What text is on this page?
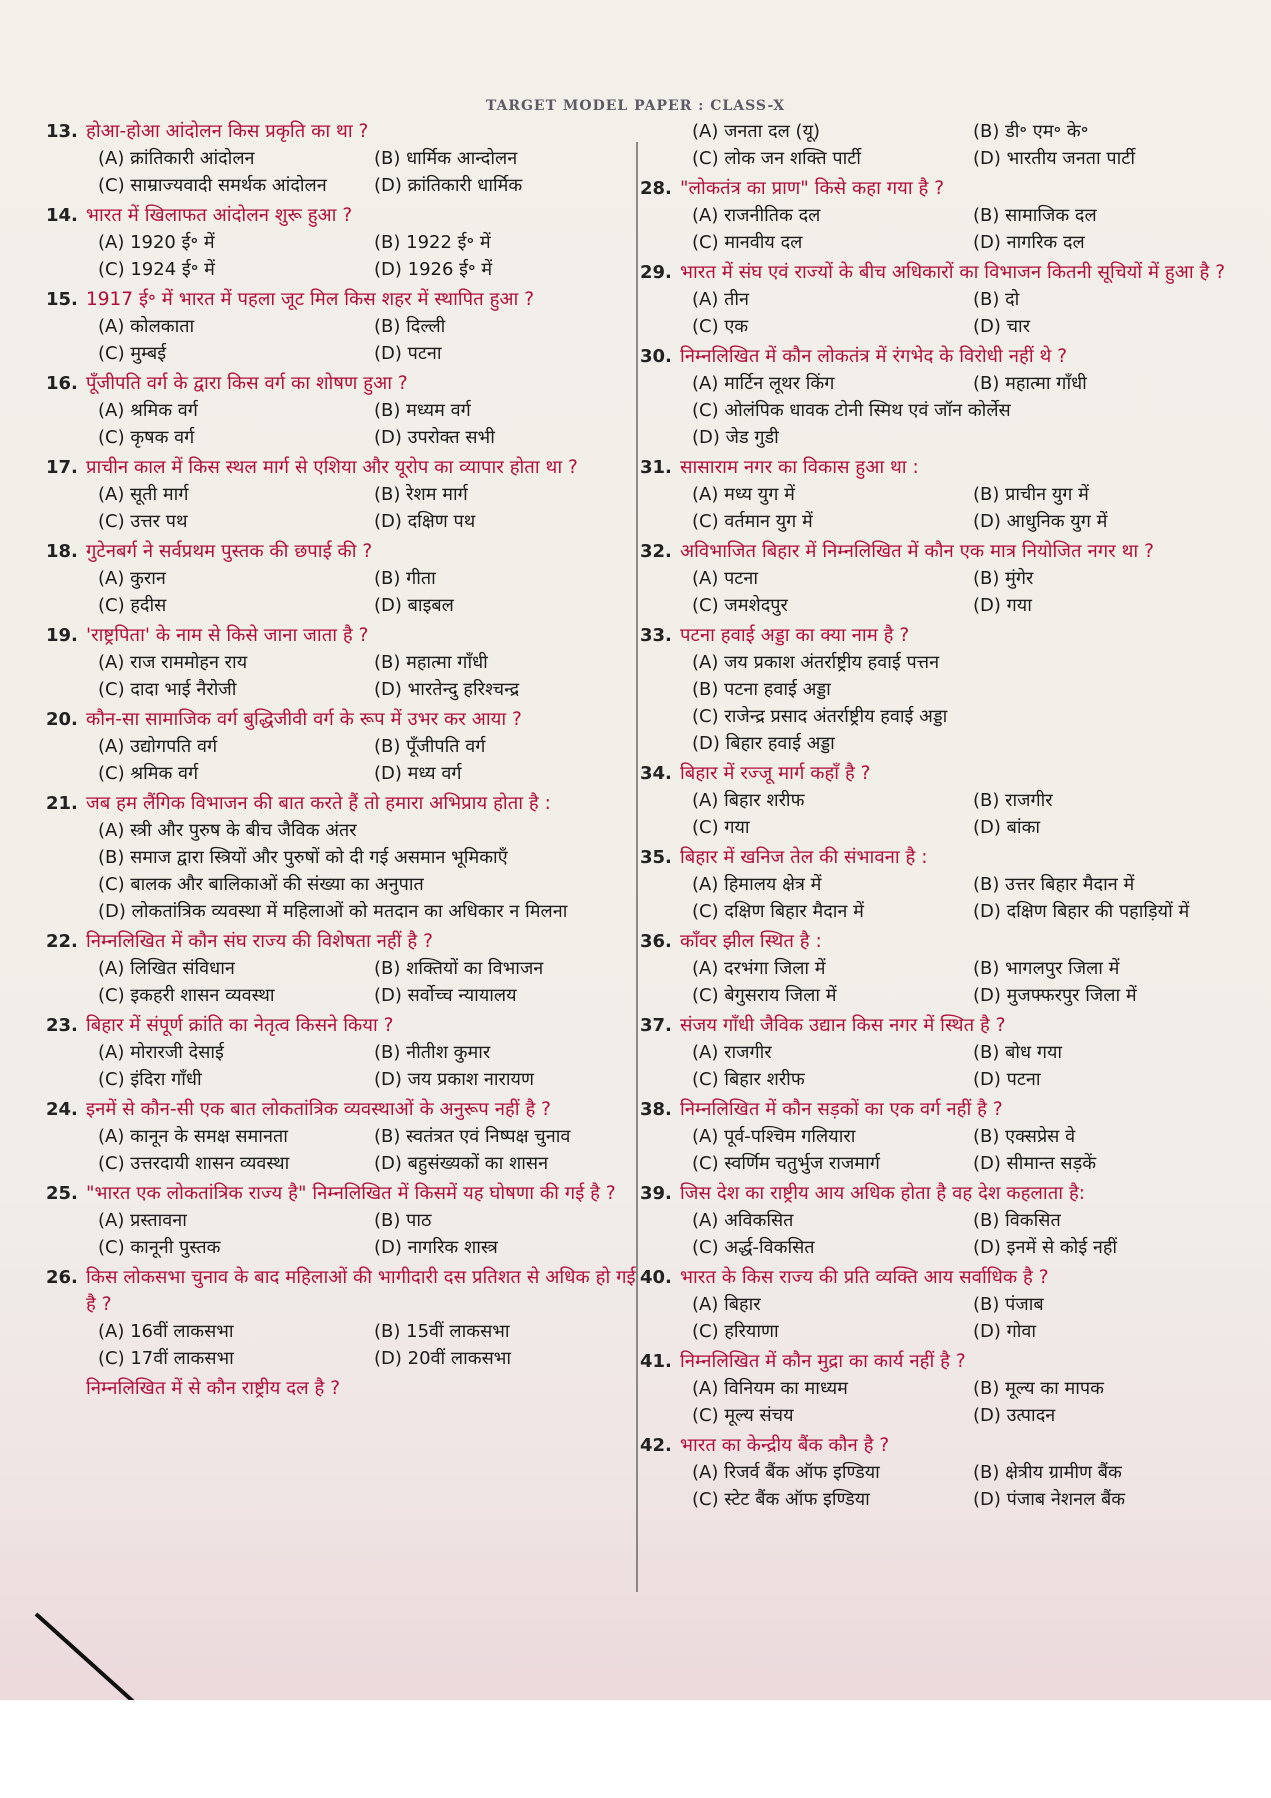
TARGET MODEL PAPER : CLASS-X
13. होआ-होआ आंदोलन किस प्रकृति का था ?
(A) क्रांतिकारी आंदोलन	(B) धार्मिक आन्दोलन
(C) साम्राज्यवादी समर्थक आंदोलन	(D) क्रांतिकारी धार्मिक
14. भारत में खिलाफत आंदोलन शुरू हुआ ?
(A) 1920 ई॰ में	(B) 1922 ई॰ में
(C) 1924 ई॰ में	(D) 1926 ई॰ में
15. 1917 ई॰ में भारत में पहला जूट मिल किस शहर में स्थापित हुआ ?
(A) कोलकाता	(B) दिल्ली
(C) मुम्बई	(D) पटना
16. पूँजीपति वर्ग के द्वारा किस वर्ग का शोषण हुआ ?
(A) श्रमिक वर्ग	(B) मध्यम वर्ग
(C) कृषक वर्ग	(D) उपरोक्त सभी
17. प्राचीन काल में किस स्थल मार्ग से एशिया और यूरोप का व्यापार होता था ?
(A) सूती मार्ग	(B) रेशम मार्ग
(C) उत्तर पथ	(D) दक्षिण पथ
18. गुटेनबर्ग ने सर्वप्रथम पुस्तक की छपाई की ?
(A) कुरान	(B) गीता
(C) हदीस	(D) बाइबल
19. 'राष्ट्रपिता' के नाम से किसे जाना जाता है ?
(A) राज राममोहन राय	(B) महात्मा गाँधी
(C) दादा भाई नैरोजी	(D) भारतेन्दु हरिश्चन्द्र
20. कौन-सा सामाजिक वर्ग बुद्धिजीवी वर्ग के रूप में उभर कर आया ?
(A) उद्योगपति वर्ग	(B) पूँजीपति वर्ग
(C) श्रमिक वर्ग	(D) मध्य वर्ग
21. जब हम लैंगिक विभाजन की बात करते हैं तो हमारा अभिप्राय होता है :
(A) स्त्री और पुरुष के बीच जैविक अंतर
(B) समाज द्वारा स्त्रियों और पुरुषों को दी गई असमान भूमिकाएँ
(C) बालक और बालिकाओं की संख्या का अनुपात
(D) लोकतांत्रिक व्यवस्था में महिलाओं को मतदान का अधिकार न मिलना
22. निम्नलिखित में कौन संघ राज्य की विशेषता नहीं है ?
(A) लिखित संविधान	(B) शक्तियों का विभाजन
(C) इकहरी शासन व्यवस्था	(D) सर्वोच्च न्यायालय
23. बिहार में संपूर्ण क्रांति का नेतृत्व किसने किया ?
(A) मोरारजी देसाई	(B) नीतीश कुमार
(C) इंदिरा गाँधी	(D) जय प्रकाश नारायण
24. इनमें से कौन-सी एक बात लोकतांत्रिक व्यवस्थाओं के अनुरूप नहीं है ?
(A) कानून के समक्ष समानता	(B) स्वतंत्रत एवं निष्पक्ष चुनाव
(C) उत्तरदायी शासन व्यवस्था	(D) बहुसंख्यकों का शासन
25. "भारत एक लोकतांत्रिक राज्य है" निम्नलिखित में किसमें यह घोषणा की गई है ?
(A) प्रस्तावना	(B) पाठ
(C) कानूनी पुस्तक	(D) नागरिक शास्त्र
26. किस लोकसभा चुनाव के बाद महिलाओं की भागीदारी दस प्रतिशत से अधिक हो गई है ?
(A) 16वीं लाकसभा	(B) 15वीं लाकसभा
(C) 17वीं लाकसभा	(D) 20वीं लाकसभा
निम्नलिखित में से कौन राष्ट्रीय दल है ?
(A) जनता दल (यू)	(B) डी॰ एम॰ के॰
(C) लोक जन शक्ति पार्टी	(D) भारतीय जनता पार्टी
28. "लोकतंत्र का प्राण" किसे कहा गया है ?
(A) राजनीतिक दल	(B) सामाजिक दल
(C) मानवीय दल	(D) नागरिक दल
29. भारत में संघ एवं राज्यों के बीच अधिकारों का विभाजन कितनी सूचियों में हुआ है ?
(A) तीन	(B) दो
(C) एक	(D) चार
30. निम्नलिखित में कौन लोकतंत्र में रंगभेद के विरोधी नहीं थे ?
(A) मार्टिन लूथर किंग	(B) महात्मा गाँधी
(C) ओलंपिक धावक टोनी स्मिथ एवं जॉन कोर्लेस
(D) जेड गुडी
31. सासाराम नगर का विकास हुआ था :
(A) मध्य युग में	(B) प्राचीन युग में
(C) वर्तमान युग में	(D) आधुनिक युग में
32. अविभाजित बिहार में निम्नलिखित में कौन एक मात्र नियोजित नगर था ?
(A) पटना	(B) मुंगेर
(C) जमशेदपुर	(D) गया
33. पटना हवाई अड्डा का क्या नाम है ?
(A) जय प्रकाश अंतर्राष्ट्रीय हवाई पत्तन
(B) पटना हवाई अड्डा
(C) राजेन्द्र प्रसाद अंतर्राष्ट्रीय हवाई अड्डा
(D) बिहार हवाई अड्डा
34. बिहार में रज्जू मार्ग कहाँ है ?
(A) बिहार शरीफ	(B) राजगीर
(C) गया	(D) बांका
35. बिहार में खनिज तेल की संभावना है :
(A) हिमालय क्षेत्र में	(B) उत्तर बिहार मैदान में
(C) दक्षिण बिहार मैदान में	(D) दक्षिण बिहार की पहाड़ियों में
36. काँवर झील स्थित है :
(A) दरभंगा जिला में	(B) भागलपुर जिला में
(C) बेगुसराय जिला में	(D) मुजफ्फरपुर जिला में
37. संजय गाँधी जैविक उद्यान किस नगर में स्थित है ?
(A) राजगीर	(B) बोध गया
(C) बिहार शरीफ	(D) पटना
38. निम्नलिखित में कौन सड़कों का एक वर्ग नहीं है ?
(A) पूर्व-पश्चिम गलियारा	(B) एक्सप्रेस वे
(C) स्वर्णिम चतुर्भुज राजमार्ग	(D) सीमान्त सड़कें
39. जिस देश का राष्ट्रीय आय अधिक होता है वह देश कहलाता है:
(A) अविकसित	(B) विकसित
(C) अर्द्ध-विकसित	(D) इनमें से कोई नहीं
40. भारत के किस राज्य की प्रति व्यक्ति आय सर्वाधिक है ?
(A) बिहार	(B) पंजाब
(C) हरियाणा	(D) गोवा
41. निम्नलिखित में कौन मुद्रा का कार्य नहीं है ?
(A) विनियम का माध्यम	(B) मूल्य का मापक
(C) मूल्य संचय	(D) उत्पादन
42. भारत का केन्द्रीय बैंक कौन है ?
(A) रिजर्व बैंक ऑफ इण्डिया	(B) क्षेत्रीय ग्रामीण बैंक
(C) स्टेट बैंक ऑफ इण्डिया	(D) पंजाब नेशनल बैंक
